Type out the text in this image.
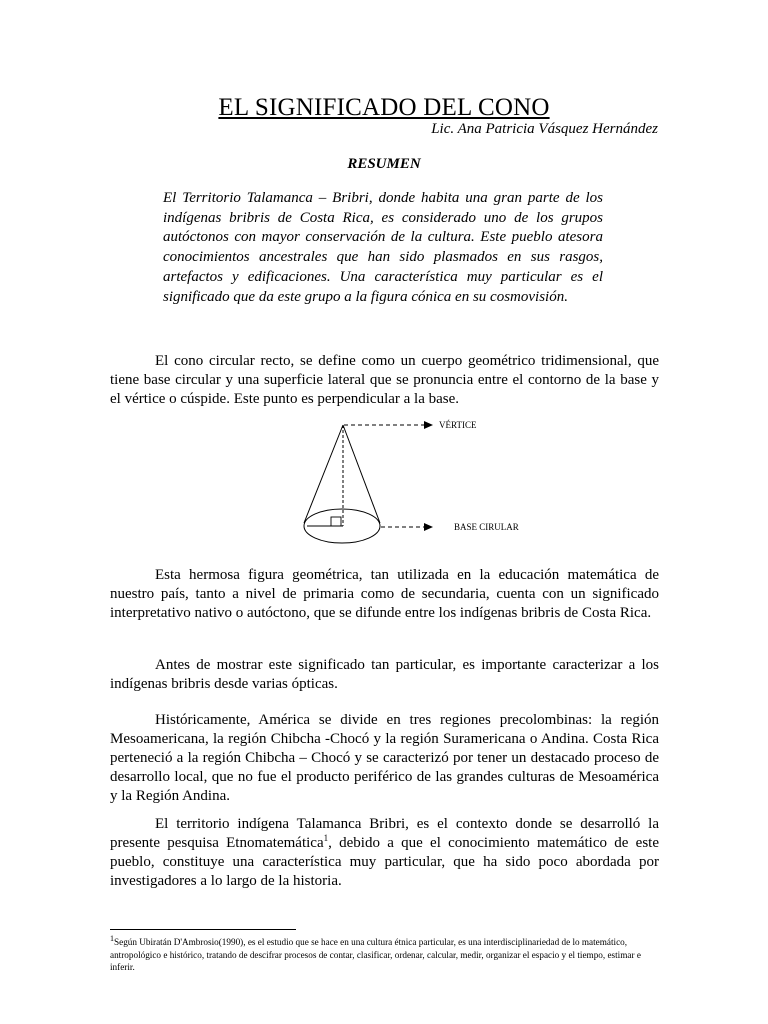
EL SIGNIFICADO DEL CONO
Lic. Ana Patricia Vásquez Hernández
RESUMEN
El Territorio Talamanca – Bribri, donde habita una gran parte de los indígenas bribris de Costa Rica, es considerado uno de los grupos autóctonos con mayor conservación de la cultura. Este pueblo atesora conocimientos ancestrales que han sido plasmados en sus rasgos, artefactos y edificaciones. Una característica muy particular es el significado que da este grupo a la figura cónica en su cosmovisión.
El cono circular recto, se define como un cuerpo geométrico tridimensional, que tiene base circular y una superficie lateral que se pronuncia entre el contorno de la base y el vértice o cúspide. Este punto es perpendicular a la base.
VÉRTICE
BASE CIRULAR
Esta hermosa figura geométrica, tan utilizada en la educación matemática de nuestro país, tanto a nivel de primaria como de secundaria, cuenta con un significado interpretativo nativo o autóctono, que se difunde entre los indígenas bribris de Costa Rica.
Antes de mostrar este significado tan particular, es importante caracterizar a los indígenas bribris desde varias ópticas.
Históricamente, América se divide en tres regiones precolombinas: la región Mesoamericana, la región Chibcha -Chocó y la región Suramericana o Andina. Costa Rica perteneció a la región Chibcha – Chocó y se caracterizó por tener un destacado proceso de desarrollo local, que no fue el producto periférico de las grandes culturas de Mesoamérica y la Región Andina.
El territorio indígena Talamanca Bribri, es el contexto donde se desarrolló la presente pesquisa Etnomatemática$^1$, debido a que el conocimiento matemático de este pueblo, constituye una característica muy particular, que ha sido poco abordada por investigadores a lo largo de la historia.
$^1$Según Ubiratán D'Ambrosio(1990), es el estudio que se hace en una cultura étnica particular, es una interdisciplinariedad de lo matemático, antropológico e histórico, tratando de descifrar procesos de contar, clasificar, ordenar, calcular, medir, organizar el espacio y el tiempo, estimar e inferir.
